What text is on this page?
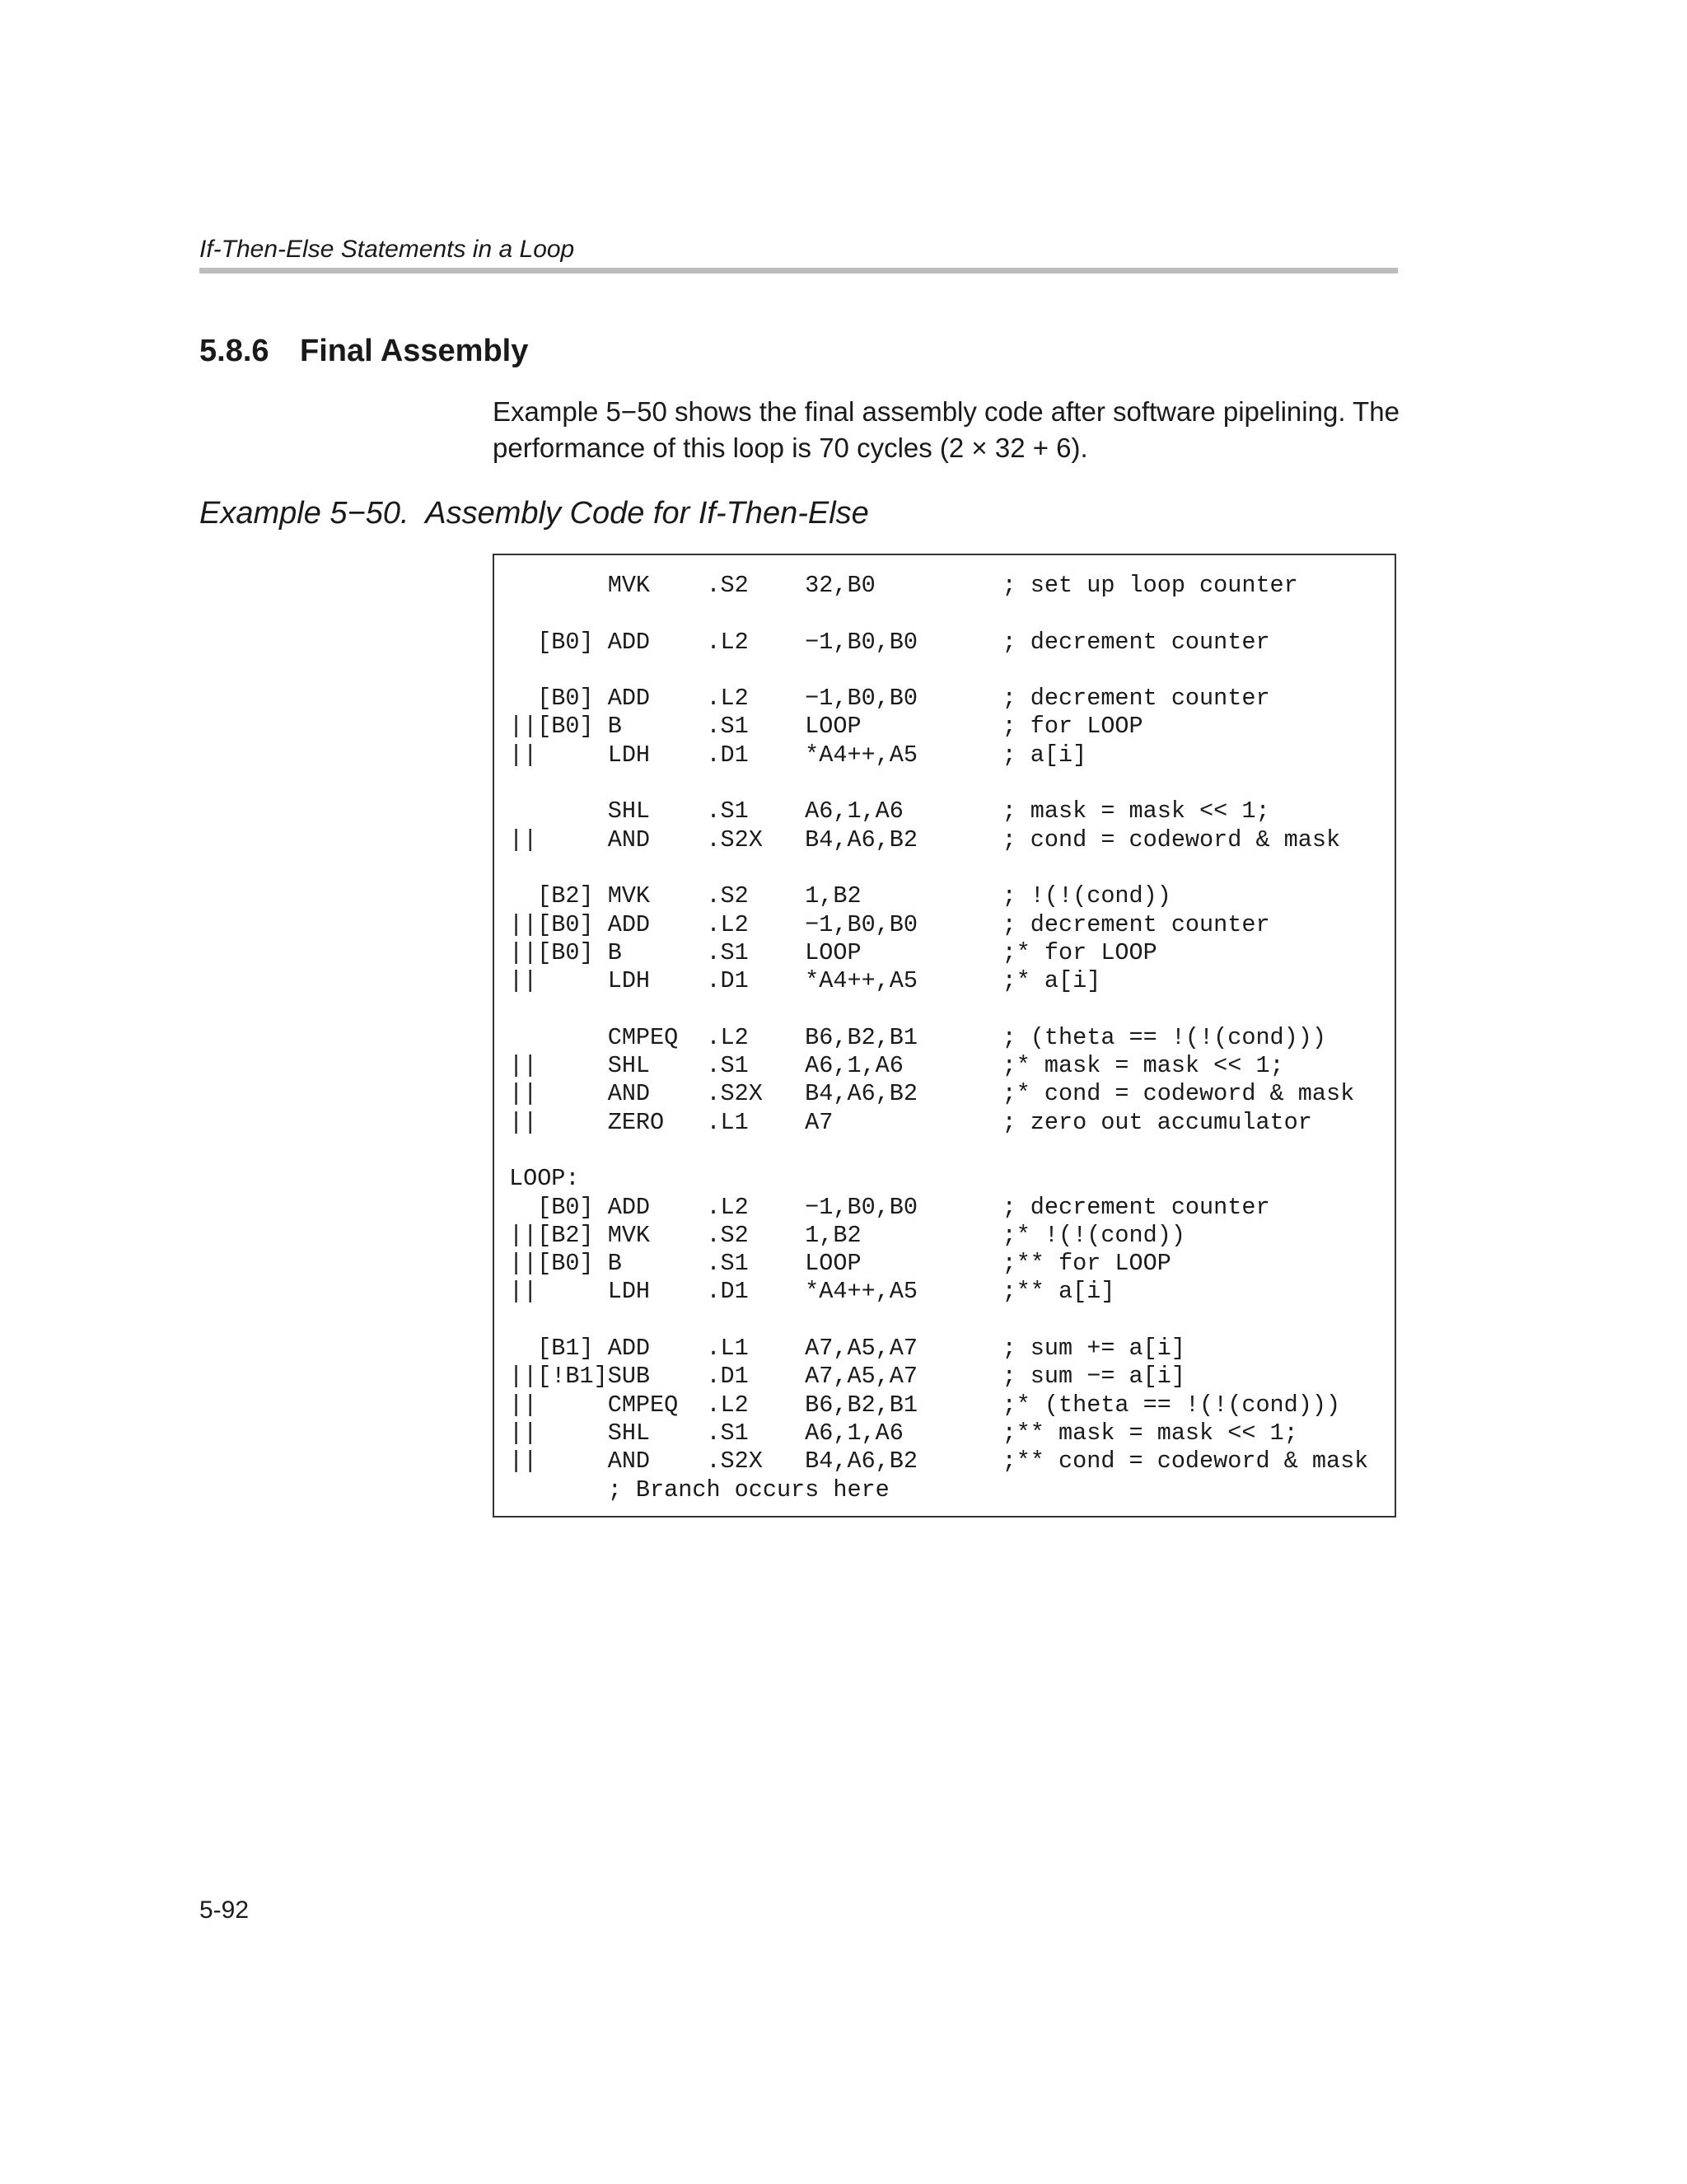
If-Then-Else Statements in a Loop
5.8.6 Final Assembly

Example 5−50 shows the final assembly code after software pipelining. The

performance of this loop is 70 cycles (2 × 32 + 6).

Example 5−50.  Assembly Code for If-Then-Else
MVK    .S2    32,B0         ; set up loop counter
[B0] ADD    .L2    −1,B0,B0      ; decrement counter
[B0] ADD    .L2    −1,B0,B0      ; decrement counter
||[B0] B      .S1    LOOP          ; for LOOP
||     LDH    .D1    *A4++,A5      ; a[i]
SHL    .S1    A6,1,A6       ; mask = mask << 1;
||     AND    .S2X   B4,A6,B2      ; cond = codeword & mask
[B2] MVK    .S2    1,B2          ; !(!(cond))
||[B0] ADD    .L2    −1,B0,B0      ; decrement counter
||[B0] B      .S1    LOOP          ;* for LOOP
||     LDH    .D1    *A4++,A5      ;* a[i]
CMPEQ  .L2    B6,B2,B1      ; (theta == !(!(cond)))
||     SHL    .S1    A6,1,A6       ;* mask = mask << 1;
||     AND    .S2X   B4,A6,B2      ;* cond = codeword & mask
||     ZERO   .L1    A7            ; zero out accumulator
LOOP:
[B0] ADD    .L2    −1,B0,B0      ; decrement counter
||[B2] MVK    .S2    1,B2          ;* !(!(cond))
||[B0] B      .S1    LOOP          ;** for LOOP
||     LDH    .D1    *A4++,A5      ;** a[i]
[B1] ADD    .L1    A7,A5,A7      ; sum += a[i]
||[!B1]SUB    .D1    A7,A5,A7      ; sum −= a[i]
||     CMPEQ  .L2    B6,B2,B1      ;* (theta == !(!(cond)))
||     SHL    .S1    A6,1,A6       ;** mask = mask << 1;
||     AND    .S2X   B4,A6,B2      ;** cond = codeword & mask
; Branch occurs here
5-92
